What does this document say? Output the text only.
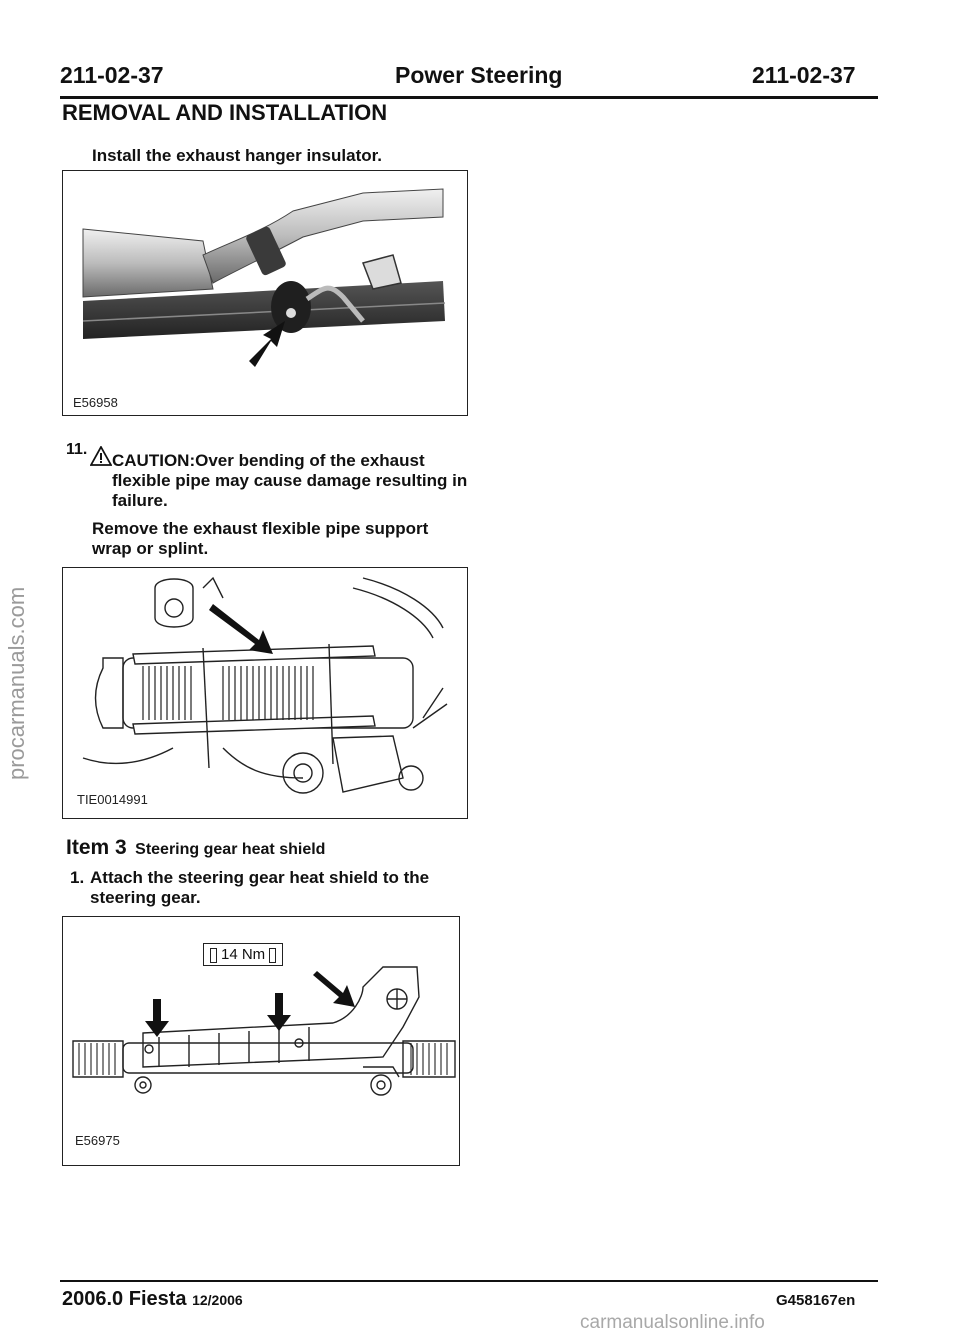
211-02-37	Power Steering	211-02-37
REMOVAL AND INSTALLATION
Install the exhaust hanger insulator.
E56958
11.
CAUTION:Over bending of the exhaust flexible pipe may cause damage resulting in failure.
Remove the exhaust flexible pipe support wrap or splint.
TIE0014991
Item 3 Steering gear heat shield
1. Attach the steering gear heat shield to the steering gear.
14 Nm
E56975
procarmanuals.com
2006.0 Fiesta 12/2006	G458167en
carmanualsonline.info
